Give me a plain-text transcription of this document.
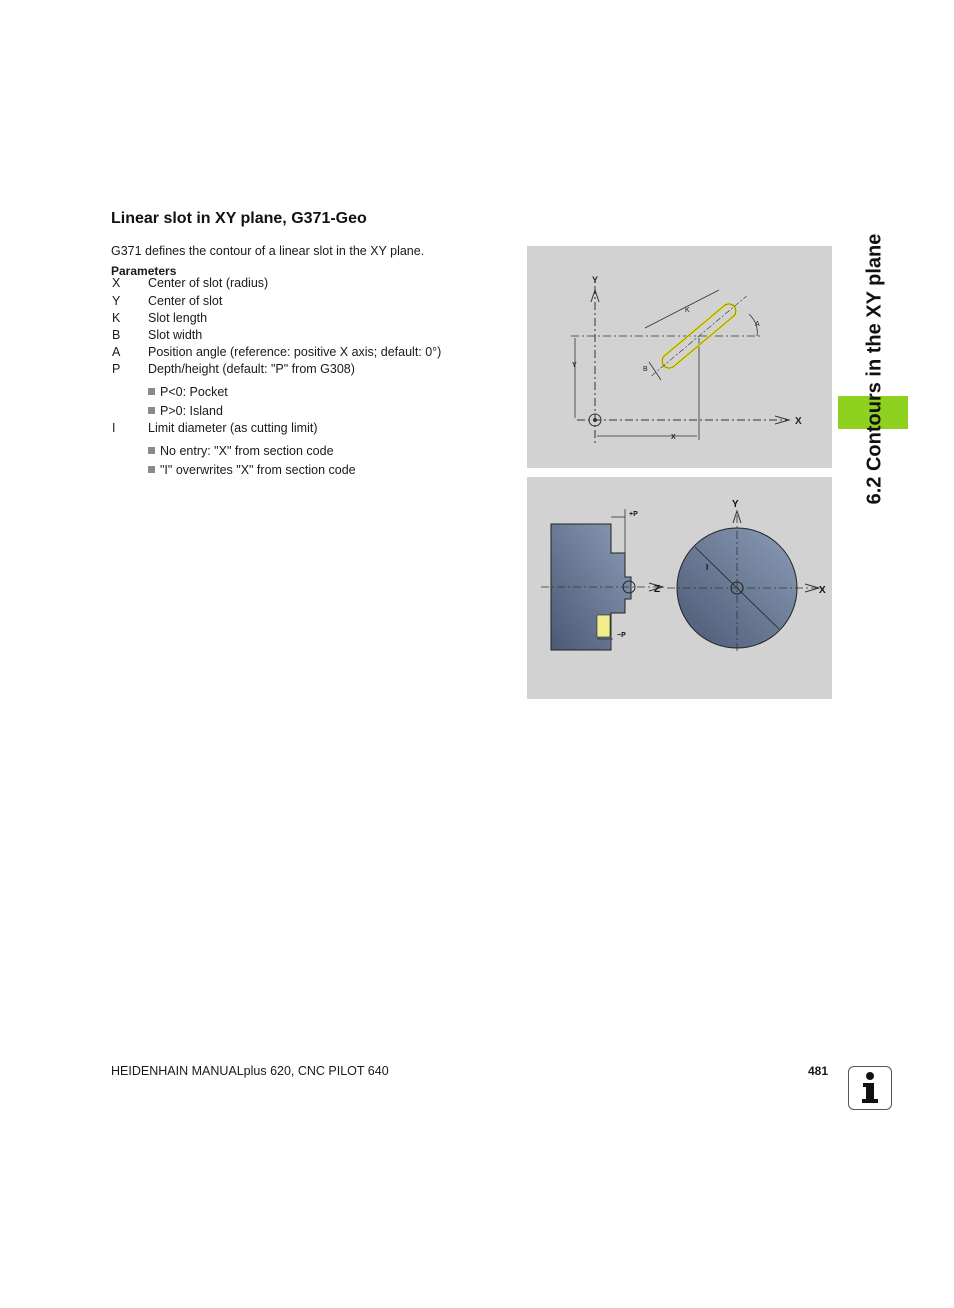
Linear slot in XY plane, G371-Geo
G371 defines the contour of a linear slot in the XY plane.
Parameters
X Center of slot (radius)
Y Center of slot
K Slot length
B Slot width
A Position angle (reference: positive X axis; default: 0°)
P Depth/height (default: "P" from G308)
P<0: Pocket
P>0: Island
I	Limit diameter (as cutting limit)
No entry: "X" from section code
"I" overwrites "X" from section code
Y
X
K
A
B
Y
X
Z
+P
−P
I
Y
X
6.2 Contours in the XY plane
HEIDENHAIN MANUALplus 620, CNC PILOT 640	481
